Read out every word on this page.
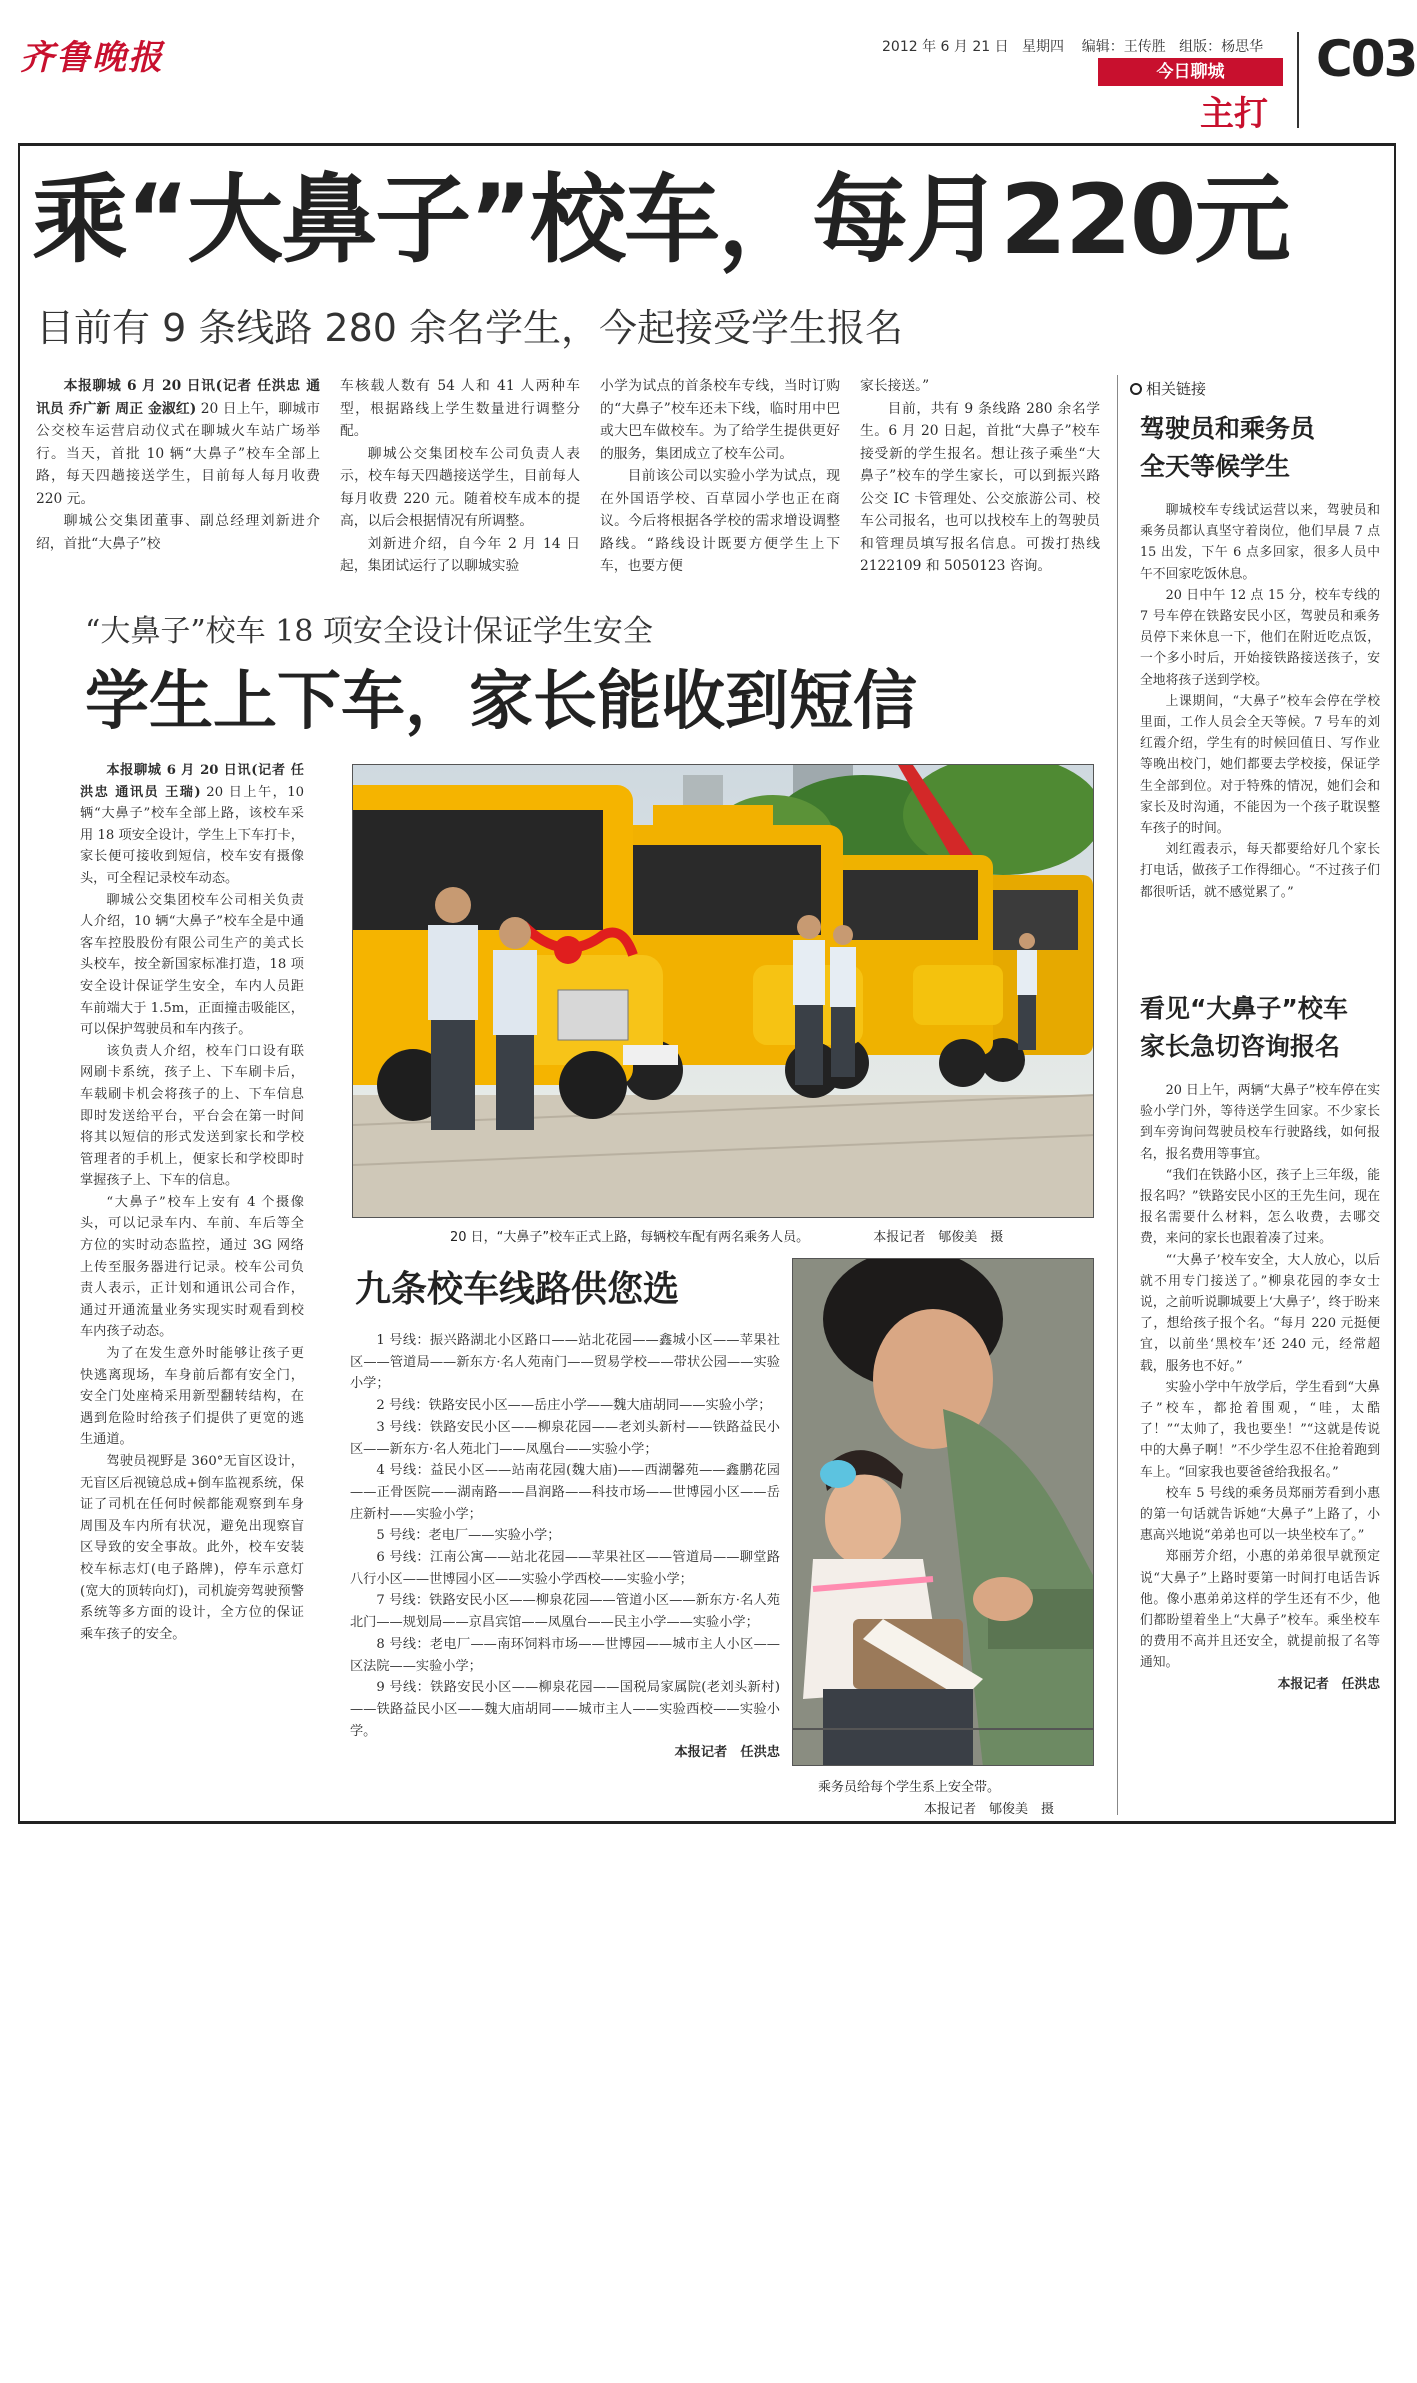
齐鲁晚报	2012 年 6 月 21 日 星期四 编辑：王传胜 组版：杨思华
今日聊城
主打
C03
乘“大鼻子”校车，每月220元
目前有 9 条线路 280 余名学生，今起接受学生报名

本报聊城 6 月 20 日讯(记者 任洪忠 通讯员 乔广新 周正 金淑红) 20 日上午，聊城市公交校车运营启动仪式在聊城火车站广场举行。当天，首批 10 辆“大鼻子”校车全部上路，每天四趟接送学生，目前每人每月收费 220 元。

聊城公交集团董事、副总经理刘新进介绍，首批“大鼻子”校

车核载人数有 54 人和 41 人两种车型，根据路线上学生数量进行调整分配。

聊城公交集团校车公司负责人表示，校车每天四趟接送学生，目前每人每月收费 220 元。随着校车成本的提高，以后会根据情况有所调整。

刘新进介绍，自今年 2 月 14 日起，集团试运行了以聊城实验

小学为试点的首条校车专线，当时订购的“大鼻子”校车还未下线，临时用中巴或大巴车做校车。为了给学生提供更好的服务，集团成立了校车公司。

目前该公司以实验小学为试点，现在外国语学校、百草园小学也正在商议。今后将根据各学校的需求增设调整路线。“路线设计既要方便学生上下车，也要方便

家长接送。”

目前，共有 9 条线路 280 余名学生。6 月 20 日起，首批“大鼻子”校车接受新的学生报名。想让孩子乘坐“大鼻子”校车的学生家长，可以到振兴路公交 IC 卡管理处、公交旅游公司、校车公司报名，也可以找校车上的驾驶员和管理员填写报名信息。可拨打热线 2122109 和 5050123 咨询。

“大鼻子”校车 18 项安全设计保证学生安全
学生上下车，家长能收到短信

本报聊城 6 月 20 日讯(记者 任洪忠 通讯员 王瑞) 20 日上午，10 辆“大鼻子”校车全部上路，该校车采用 18 项安全设计，学生上下车打卡，家长便可接收到短信，校车安有摄像头，可全程记录校车动态。

聊城公交集团校车公司相关负责人介绍，10 辆“大鼻子”校车全是中通客车控股股份有限公司生产的美式长头校车，按全新国家标准打造，18 项安全设计保证学生安全，车内人员距车前端大于 1.5m，正面撞击吸能区，可以保护驾驶员和车内孩子。

该负责人介绍，校车门口设有联网刷卡系统，孩子上、下车刷卡后，车载刷卡机会将孩子的上、下车信息即时发送给平台，平台会在第一时间将其以短信的形式发送到家长和学校管理者的手机上，便家长和学校即时掌握孩子上、下车的信息。

“大鼻子”校车上安有 4 个摄像头，可以记录车内、车前、车后等全方位的实时动态监控，通过 3G 网络上传至服务器进行记录。校车公司负责人表示，正计划和通讯公司合作，通过开通流量业务实现实时观看到校车内孩子动态。

为了在发生意外时能够让孩子更快逃离现场，车身前后都有安全门，安全门处座椅采用新型翻转结构，在遇到危险时给孩子们提供了更宽的逃生通道。

驾驶员视野是 360°无盲区设计，无盲区后视镜总成+倒车监视系统，保证了司机在任何时候都能观察到车身周围及车内所有状况，避免出现察盲区导致的安全事故。此外，校车安装校车标志灯(电子路牌)，停车示意灯(宽大的顶转向灯)，司机旋旁驾驶预警系统等多方面的设计，全方位的保证乘车孩子的安全。

20 日，“大鼻子”校车正式上路，每辆校车配有两名乘务人员。	本报记者　郇俊美　摄
九条校车线路供您选

1 号线：振兴路湖北小区路口——站北花园——鑫城小区——苹果社区——管道局——新东方·名人苑南门——贸易学校——带状公园——实验小学；

2 号线：铁路安民小区——岳庄小学——魏大庙胡同——实验小学；

3 号线：铁路安民小区——柳泉花园——老刘头新村——铁路益民小区——新东方·名人苑北门——凤凰台——实验小学；

4 号线：益民小区——站南花园(魏大庙)——西湖馨苑——鑫鹏花园——正骨医院——湖南路——昌润路——科技市场——世博园小区——岳庄新村——实验小学；

5 号线：老电厂——实验小学；

6 号线：江南公寓——站北花园——苹果社区——管道局——聊堂路八行小区——世博园小区——实验小学西校——实验小学；

7 号线：铁路安民小区——柳泉花园——管道小区——新东方·名人苑北门——规划局——京昌宾馆——凤凰台——民主小学——实验小学；

8 号线：老电厂——南环饲料市场——世博园——城市主人小区——区法院——实验小学；

9 号线：铁路安民小区——柳泉花园——国税局家属院(老刘头新村)——铁路益民小区——魏大庙胡同——城市主人——实验西校——实验小学。

本报记者　任洪忠

乘务员给每个学生系上安全带。
本报记者　郇俊美　摄
相关链接
驾驶员和乘务员
全天等候学生

聊城校车专线试运营以来，驾驶员和乘务员都认真坚守着岗位，他们早晨 7 点 15 出发，下午 6 点多回家，很多人员中午不回家吃饭休息。

20 日中午 12 点 15 分，校车专线的 7 号车停在铁路安民小区，驾驶员和乘务员停下来休息一下，他们在附近吃点饭，一个多小时后，开始接铁路接送孩子，安全地将孩子送到学校。

上课期间，“大鼻子”校车会停在学校里面，工作人员会全天等候。7 号车的刘红霞介绍，学生有的时候回值日、写作业等晚出校门，她们都要去学校接，保证学生全部到位。对于特殊的情况，她们会和家长及时沟通，不能因为一个孩子耽误整车孩子的时间。

刘红霞表示，每天都要给好几个家长打电话，做孩子工作得细心。“不过孩子们都很听话，就不感觉累了。”

看见“大鼻子”校车
家长急切咨询报名

20 日上午，两辆“大鼻子”校车停在实验小学门外，等待送学生回家。不少家长到车旁询问驾驶员校车行驶路线，如何报名，报名费用等事宜。

“我们在铁路小区，孩子上三年级，能报名吗？”铁路安民小区的王先生问，现在报名需要什么材料，怎么收费，去哪交费，来问的家长也跟着凑了过来。

“‘大鼻子’校车安全，大人放心，以后就不用专门接送了。”柳泉花园的李女士说，之前听说聊城要上‘大鼻子’，终于盼来了，想给孩子报个名。“每月 220 元挺便宜，以前坐‘黑校车’还 240 元，经常超载，服务也不好。”

实验小学中午放学后，学生看到“大鼻子”校车，都抢着围观，“哇，太酷了！”“太帅了，我也要坐！”“这就是传说中的大鼻子啊！”不少学生忍不住抢着跑到车上。“回家我也要爸爸给我报名。”

校车 5 号线的乘务员郑丽芳看到小惠的第一句话就告诉她“大鼻子”上路了，小惠高兴地说“弟弟也可以一块坐校车了。”

郑丽芳介绍，小惠的弟弟很早就预定说“大鼻子”上路时要第一时间打电话告诉他。像小惠弟弟这样的学生还有不少，他们都盼望着坐上“大鼻子”校车。乘坐校车的费用不高并且还安全，就提前报了名等通知。

本报记者　任洪忠
